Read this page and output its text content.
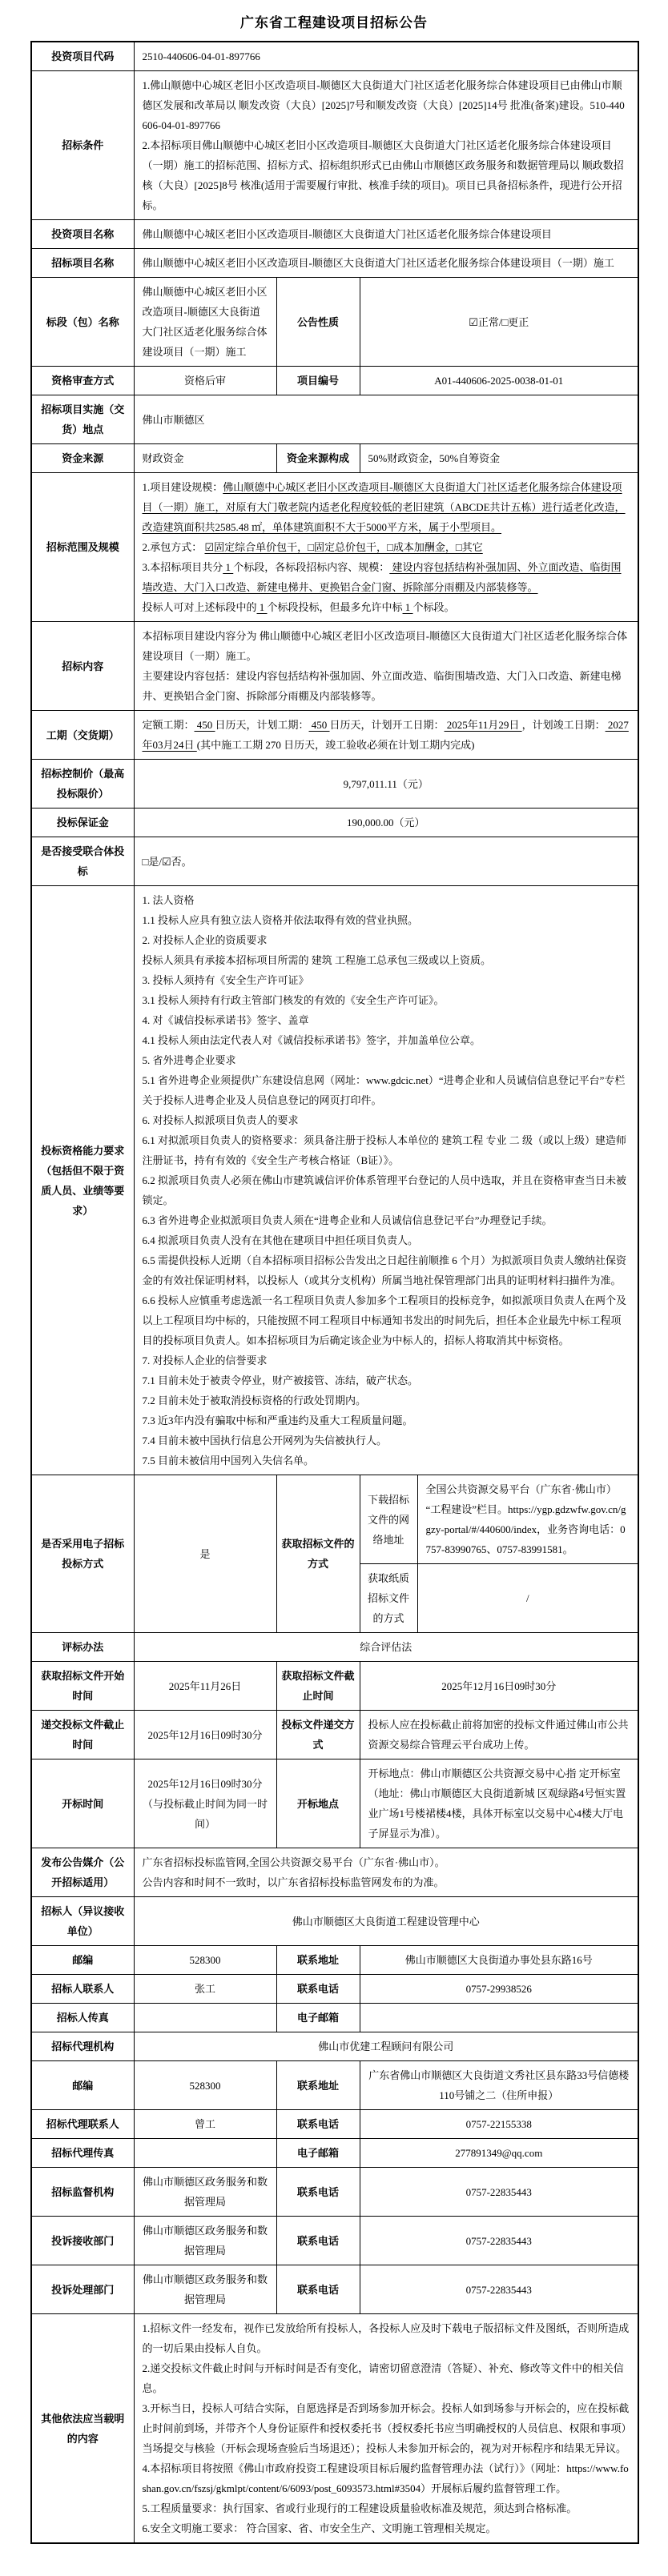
广东省工程建设项目招标公告
投资项目代码	2510-440606-04-01-897766			

招标条件	1.佛山顺德中心城区老旧小区改造项目-顺德区大良街道大门社区适老化服务综合体建设项目已由佛山市顺德区发展和改革局以 顺发改资（大良）[2025]7号和顺发改资（大良）[2025]14号 批准(备案)建设。510-440606-04-01-897766
2.本招标项目佛山顺德中心城区老旧小区改造项目-顺德区大良街道大门社区适老化服务综合体建设项目（一期）施工的招标范围、招标方式、招标组织形式已由佛山市顺德区政务服务和数据管理局以 顺政数招核（大良）[2025]8号 核准(适用于需要履行审批、核准手续的项目)。项目已具备招标条件，现进行公开招标。			

投资项目名称	佛山顺德中心城区老旧小区改造项目-顺德区大良街道大门社区适老化服务综合体建设项目			

招标项目名称	佛山顺德中心城区老旧小区改造项目-顺德区大良街道大门社区适老化服务综合体建设项目（一期）施工			

标段（包）名称	佛山顺德中心城区老旧小区改造项目-顺德区大良街道大门社区适老化服务综合体建设项目（一期）施工	公告性质	☑正常/□更正	

资格审查方式	资格后审	项目编号	A01-440606-2025-0038-01-01	

招标项目实施（交货）地点	佛山市顺德区			

资金来源	财政资金	资金来源构成	50%财政资金，50%自筹资金	

招标范围及规模	1.项目建设规模：佛山顺德中心城区老旧小区改造项目-顺德区大良街道大门社区适老化服务综合体建设项目（一期）施工，对原有大门敬老院内适老化程度较低的老旧建筑（ABCDE共计五栋）进行适老化改造，改造建筑面积共2585.48 ㎡，单体建筑面积不大于5000平方米，属于小型项目。
2.承包方式： ☑固定综合单价包干，□固定总价包干，□成本加酬金，□其它
3.本招标项目共分 1 个标段，各标段招标内容、规模： 建设内容包括结构补强加固、外立面改造、临街围墙改造、大门入口改造、新建电梯井、更换铝合金门窗、拆除部分雨棚及内部装修等。
投标人可对上述标段中的 1 个标段投标，但最多允许中标 1 个标段。			

招标内容	本招标项目建设内容分为 佛山顺德中心城区老旧小区改造项目-顺德区大良街道大门社区适老化服务综合体建设项目（一期）施工。
主要建设内容包括：建设内容包括结构补强加固、外立面改造、临街围墙改造、大门入口改造、新建电梯井、更换铝合金门窗、拆除部分雨棚及内部装修等。			

工期（交货期）	定额工期： 450 日历天，计划工期： 450 日历天，计划开工日期： 2025年11月29日 ，计划竣工日期： 2027年03月24日 (其中施工工期 270 日历天，竣工验收必须在计划工期内完成)			

招标控制价（最高投标限价）	9,797,011.11（元）			

投标保证金	190,000.00（元）			

是否接受联合体投标	□是/☑否。			

投标资格能力要求（包括但不限于资质人员、业绩等要求）

1. 法人资格
1.1 投标人应具有独立法人资格并依法取得有效的营业执照。
2. 对投标人企业的资质要求
投标人须具有承接本招标项目所需的 建筑 工程施工总承包三级或以上资质。
3. 投标人须持有《安全生产许可证》
3.1 投标人须持有行政主管部门核发的有效的《安全生产许可证》。
4. 对《诚信投标承诺书》签字、盖章
4.1 投标人须由法定代表人对《诚信投标承诺书》签字，并加盖单位公章。
5. 省外进粤企业要求
5.1 省外进粤企业须提供广东建设信息网（网址：www.gdcic.net）“进粤企业和人员诚信信息登记平台”专栏关于投标人进粤企业及人员信息登记的网页打印件。
6. 对投标人拟派项目负责人的要求
6.1 对拟派项目负责人的资格要求：须具备注册于投标人本单位的 建筑工程 专业 二 级（或以上级）建造师注册证书，持有有效的《安全生产考核合格证（B证）》。
6.2 拟派项目负责人必须在佛山市建筑诚信评价体系管理平台登记的人员中选取，并且在资格审查当日未被锁定。
6.3 省外进粤企业拟派项目负责人须在“进粤企业和人员诚信信息登记平台”办理登记手续。
6.4 拟派项目负责人没有在其他在建项目中担任项目负责人。
6.5 需提供投标人近期（自本招标项目招标公告发出之日起往前顺推 6 个月）为拟派项目负责人缴纳社保资金的有效社保证明材料，以投标人（或其分支机构）所属当地社保管理部门出具的证明材料扫描件为准。
6.6 投标人应慎重考虑选派一名工程项目负责人参加多个工程项目的投标竞争，如拟派项目负责人在两个及以上工程项目均中标的，只能按照不同工程项目中标通知书发出的时间先后，担任本企业最先中标工程项目的投标项目负责人。如本招标项目为后确定该企业为中标人的，招标人将取消其中标资格。
7. 对投标人企业的信誉要求
7.1 目前未处于被责令停业，财产被接管、冻结，破产状态。
7.2 目前未处于被取消投标资格的行政处罚期内。
7.3 近3年内没有骗取中标和严重违约及重大工程质量问题。
7.4 目前未被中国执行信息公开网列为失信被执行人。
7.5 目前未被信用中国列入失信名单。

是否采用电子招标投标方式	是	获取招标文件的方式	下载招标文件的网络地址	全国公共资源交易平台（广东省·佛山市）“工程建设”栏目。https://ygp.gdzwfw.gov.cn/ggzy-portal/#/440600/index，业务咨询电话：0757-83990765、0757-83991581。

			获取纸质招标文件的方式	/

评标办法	综合评估法			

获取招标文件开始时间	2025年11月26日	获取招标文件截止时间	2025年12月16日09时30分	

递交投标文件截止时间	2025年12月16日09时30分	投标文件递交方式	投标人应在投标截止前将加密的投标文件通过佛山市公共资源交易综合管理云平台成功上传。	

开标时间	2025年12月16日09时30分（与投标截止时间为同一时间）	开标地点	开标地点：佛山市顺德区公共资源交易中心指 定开标室（地址：佛山市顺德区大良街道新城 区观绿路4号恒实置业广场1号楼裙楼4楼，具体开标室以交易中心4楼大厅电子屏显示为准）。	

发布公告媒介（公开招标适用）	广东省招标投标监管网,全国公共资源交易平台（广东省·佛山市）。
公告内容和时间不一致时，以广东省招标投标监管网发布的为准。			

招标人（异议接收单位）	佛山市顺德区大良街道工程建设管理中心			

邮编	528300	联系地址	佛山市顺德区大良街道办事处县东路16号	

招标人联系人	张工	联系电话	0757-29938526	

招标人传真		电子邮箱		

招标代理机构	佛山市优建工程顾问有限公司			

邮编	528300	联系地址	广东省佛山市顺德区大良街道文秀社区县东路33号信德楼110号铺之二（住所申报）	

招标代理联系人	曾工	联系电话	0757-22155338	

招标代理传真		电子邮箱	277891349@qq.com	

招标监督机构	佛山市顺德区政务服务和数据管理局	联系电话	0757-22835443	

投诉接收部门	佛山市顺德区政务服务和数据管理局	联系电话	0757-22835443	

投诉处理部门	佛山市顺德区政务服务和数据管理局	联系电话	0757-22835443	

其他依法应当载明的内容

1.招标文件一经发布，视作已发放给所有投标人，各投标人应及时下载电子版招标文件及图纸，否则所造成的一切后果由投标人自负。
2.递交投标文件截止时间与开标时间是否有变化，请密切留意澄清（答疑）、补充、修改等文件中的相关信息。
3.开标当日，投标人可结合实际，自愿选择是否到场参加开标会。投标人如到场参与开标会的，应在投标截止时间前到场，并带齐个人身份证原件和授权委托书（授权委托书应当明确授权的人员信息、权限和事项）当场提交与核验（开标会现场查验后当场退还）；投标人未参加开标会的，视为对开标程序和结果无异议。
4.本招标项目将按照《佛山市政府投资工程建设项目标后履约监督管理办法（试行）》（网址：https://www.foshan.gov.cn/fszsj/gkmlpt/content/6/6093/post_6093573.html#3504）开展标后履约监督管理工作。
5.工程质量要求：执行国家、省或行业现行的工程建设质量验收标准及规范，须达到合格标准。
6.安全文明施工要求： 符合国家、省、市安全生产、文明施工管理相关规定。
